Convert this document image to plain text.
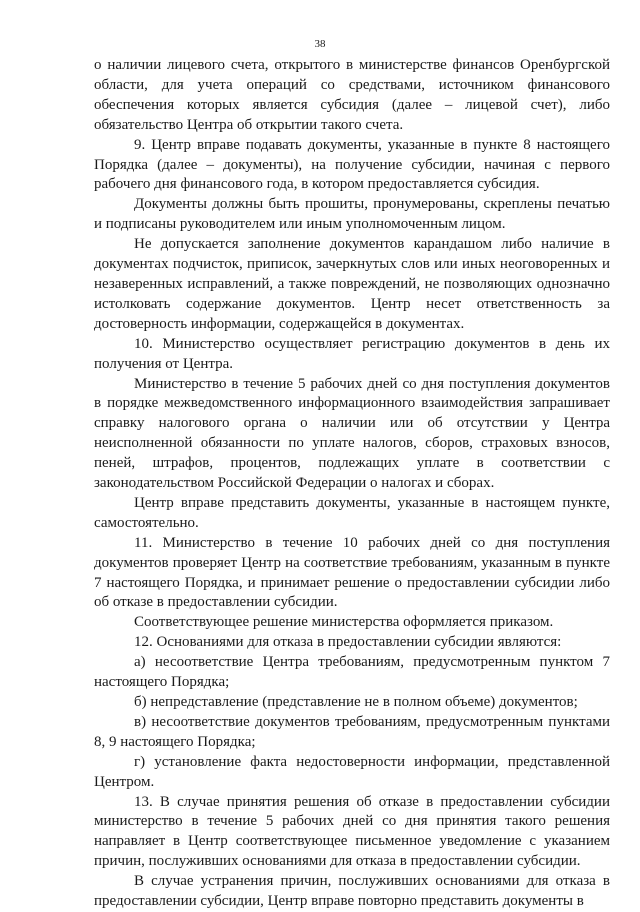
38

о наличии лицевого счета, открытого в министерстве финансов Оренбургской области, для учета операций со средствами, источником финансового обеспечения которых является субсидия (далее – лицевой счет), либо обязательство Центра об открытии такого счета.

9. Центр вправе подавать документы, указанные в пункте 8 настоящего Порядка (далее – документы), на получение субсидии, начиная с первого рабочего дня финансового года, в котором предоставляется субсидия.

Документы должны быть прошиты, пронумерованы, скреплены печатью и подписаны руководителем или иным уполномоченным лицом.

Не допускается заполнение документов карандашом либо наличие в документах подчисток, приписок, зачеркнутых слов или иных неоговоренных и незаверенных исправлений, а также повреждений, не позволяющих однозначно истолковать содержание документов. Центр несет ответственность за достоверность информации, содержащейся в документах.

10. Министерство осуществляет регистрацию документов в день их получения от Центра.

Министерство в течение 5 рабочих дней со дня поступления документов в порядке межведомственного информационного взаимодействия запрашивает справку налогового органа о наличии или об отсутствии у Центра неисполненной обязанности по уплате налогов, сборов, страховых взносов, пеней, штрафов, процентов, подлежащих уплате в соответствии с законодательством Российской Федерации о налогах и сборах.

Центр вправе представить документы, указанные в настоящем пункте, самостоятельно.

11. Министерство в течение 10 рабочих дней со дня поступления документов проверяет Центр на соответствие требованиям, указанным в пункте 7 настоящего Порядка, и принимает решение о предоставлении субсидии либо об отказе в предоставлении субсидии.

Соответствующее решение министерства оформляется приказом.

12. Основаниями для отказа в предоставлении субсидии являются:

а) несоответствие Центра требованиям, предусмотренным пунктом 7 настоящего Порядка;

б) непредставление (представление не в полном объеме) документов;

в) несоответствие документов требованиям, предусмотренным пунктами 8, 9 настоящего Порядка;

г) установление факта недостоверности информации, представленной Центром.

13. В случае принятия решения об отказе в предоставлении субсидии министерство в течение 5 рабочих дней со дня принятия такого решения направляет в Центр соответствующее письменное уведомление с указанием причин, послуживших основаниями для отказа в предоставлении субсидии.

В случае устранения причин, послуживших основаниями для отказа в предоставлении субсидии, Центр вправе повторно представить документы в
